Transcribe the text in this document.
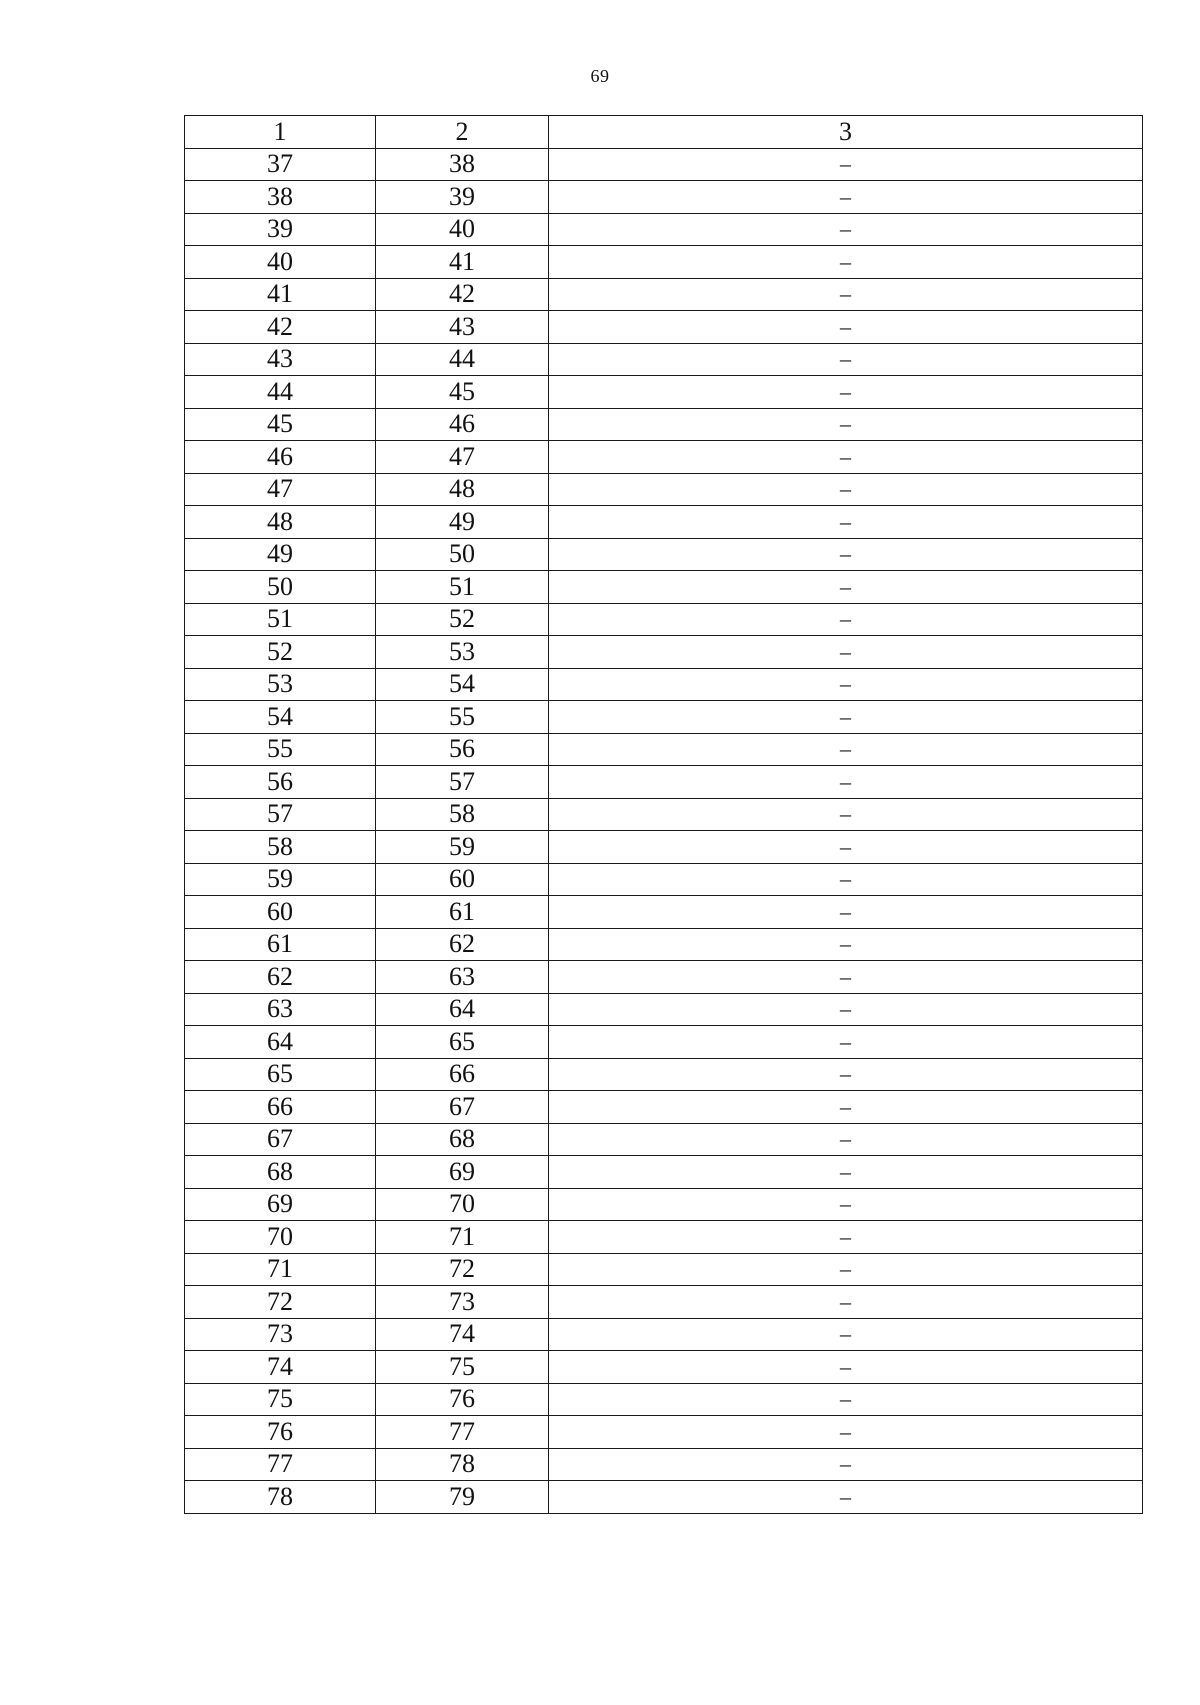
69
1	2	3
37	38	–
38	39	–
39	40	–
40	41	–
41	42	–
42	43	–
43	44	–
44	45	–
45	46	–
46	47	–
47	48	–
48	49	–
49	50	–
50	51	–
51	52	–
52	53	–
53	54	–
54	55	–
55	56	–
56	57	–
57	58	–
58	59	–
59	60	–
60	61	–
61	62	–
62	63	–
63	64	–
64	65	–
65	66	–
66	67	–
67	68	–
68	69	–
69	70	–
70	71	–
71	72	–
72	73	–
73	74	–
74	75	–
75	76	–
76	77	–
77	78	–
78	79	–
